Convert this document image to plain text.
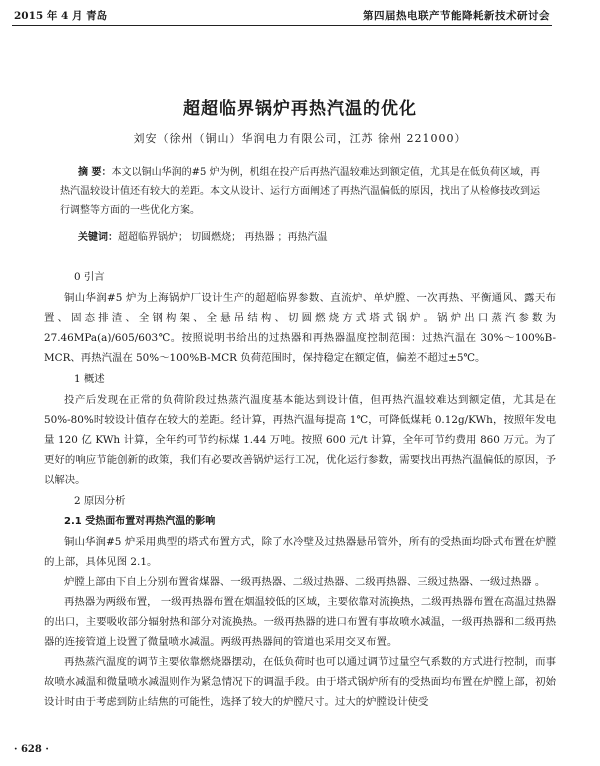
2015 年 4 月 青岛	第四届热电联产节能降耗新技术研讨会
超超临界锅炉再热汽温的优化
刘安（徐州（铜山）华润电力有限公司，江苏 徐州 221000）
摘 要：本文以铜山华润的#5 炉为例，机组在投产后再热汽温较难达到额定值，尤其是在低负荷区域，再热汽温较设计值还有较大的差距。本文从设计、运行方面阐述了再热汽温偏低的原因，找出了从检修技改到运行调整等方面的一些优化方案。
关键词：超超临界锅炉； 切圆燃烧； 再热器 ；再热汽温

0 引言

铜山华润#5 炉为上海锅炉厂设计生产的超超临界参数、直流炉、单炉膛、一次再热、平衡通风、露天布置、固态排渣、全钢构架、全悬吊结构、切圆燃烧方式塔式锅炉。锅炉出口蒸汽参数为 27.46MPa(a)/605/603℃。按照说明书给出的过热器和再热器温度控制范围：过热汽温在 30%～100%B-MCR、再热汽温在 50%～100%B-MCR 负荷范围时，保持稳定在额定值，偏差不超过±5℃。

1 概述

投产后发现在正常的负荷阶段过热蒸汽温度基本能达到设计值，但再热汽温较难达到额定值，尤其是在 50%-80%时较设计值存在较大的差距。经计算，再热汽温每提高 1℃，可降低煤耗 0.12g/KWh，按照年发电量 120 亿 KWh 计算，全年约可节约标煤 1.44 万吨。按照 600 元/t 计算，全年可节约费用 860 万元。为了更好的响应节能创新的政策，我们有必要改善锅炉运行工况，优化运行参数，需要找出再热汽温偏低的原因，予以解决。

2 原因分析

2.1 受热面布置对再热汽温的影响

铜山华润#5 炉采用典型的塔式布置方式，除了水冷壁及过热器悬吊管外，所有的受热面均卧式布置在炉膛的上部，具体见图 2.1。

炉膛上部由下自上分别布置省煤器、一级再热器、二级过热器、二级再热器、三级过热器、一级过热器 。

再热器为两级布置， 一级再热器布置在烟温较低的区域，主要依靠对流换热，二级再热器布置在高温过热器的出口，主要吸收部分辐射热和部分对流换热。一级再热器的进口布置有事故喷水减温，一级再热器和二级再热器的连接管道上设置了微量喷水减温。两级再热器间的管道也采用交叉布置。

再热蒸汽温度的调节主要依靠燃烧器摆动，在低负荷时也可以通过调节过量空气系数的方式进行控制，而事故喷水减温和微量喷水减温则作为紧急情况下的调温手段。由于塔式锅炉所有的受热面均布置在炉膛上部，初始设计时由于考虑到防止结焦的可能性，选择了较大的炉膛尺寸。过大的炉膛设计使受

· 628 ·
